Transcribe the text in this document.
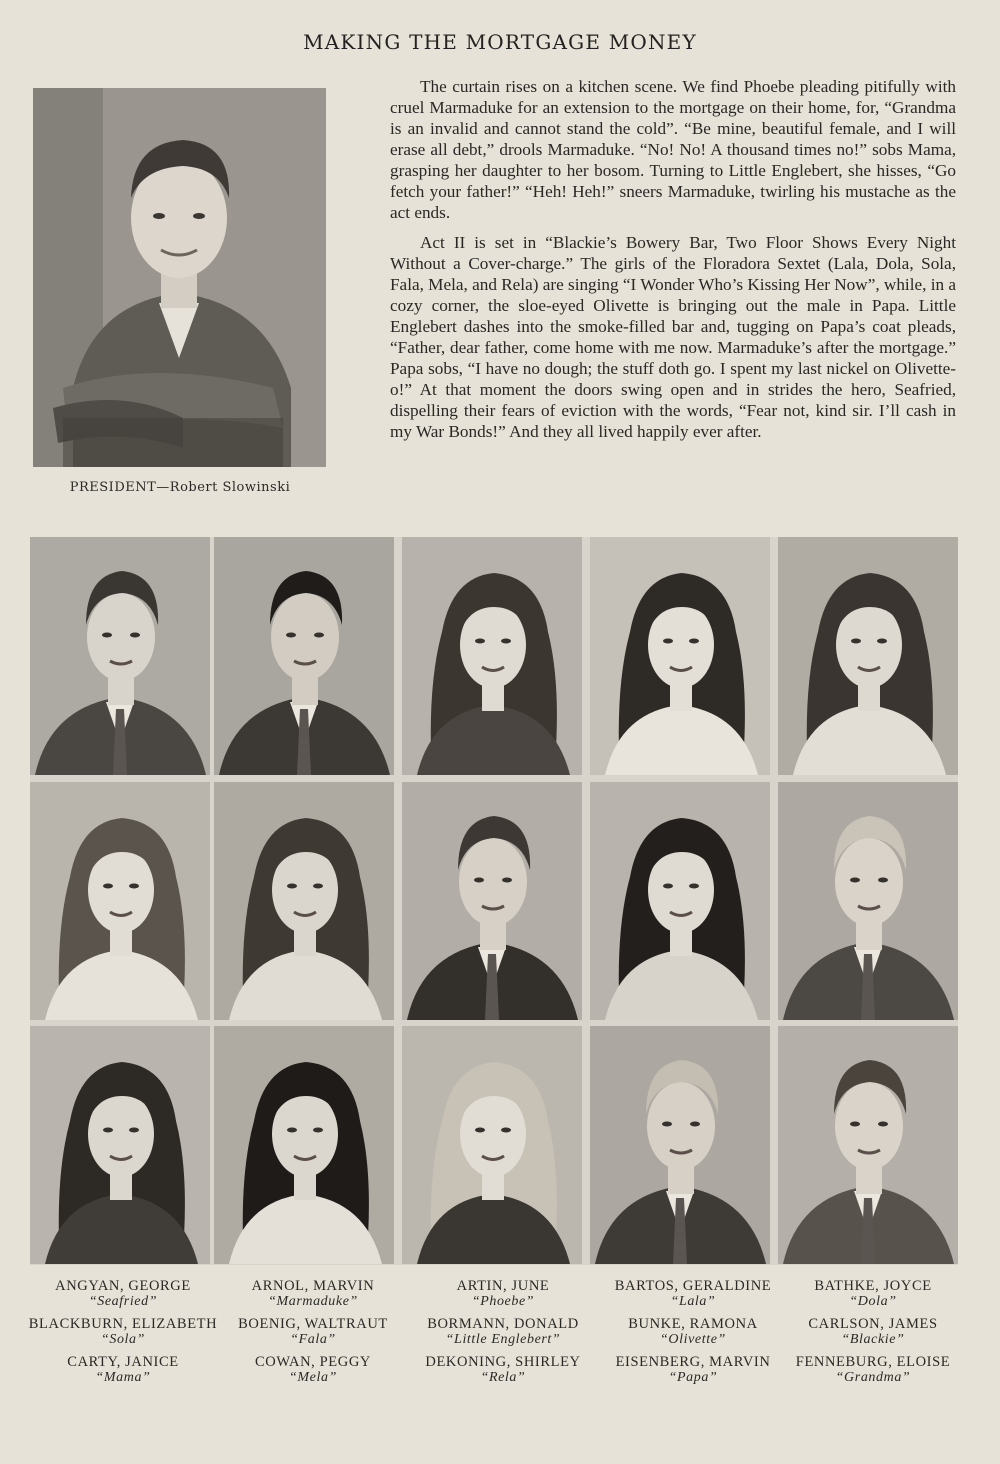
MAKING THE MORTGAGE MONEY
PRESIDENT—Robert Slowinski

The curtain rises on a kitchen scene. We find Phoebe pleading pitifully with cruel Marmaduke for an extension to the mortgage on their home, for, “Grandma is an invalid and cannot stand the cold”. “Be mine, beautiful female, and I will erase all debt,” drools Marmaduke. “No! No! A thousand times no!” sobs Mama, grasping her daughter to her bosom. Turning to Little Englebert, she hisses, “Go fetch your father!” “Heh! Heh!” sneers Marmaduke, twirling his mustache as the act ends.

Act II is set in “Blackie’s Bowery Bar, Two Floor Shows Every Night Without a Cover-charge.” The girls of the Floradora Sextet (Lala, Dola, Sola, Fala, Mela, and Rela) are singing “I Wonder Who’s Kissing Her Now”, while, in a cozy corner, the sloe-eyed Olivette is bringing out the male in Papa. Little Englebert dashes into the smoke-filled bar and, tugging on Papa’s coat pleads, “Father, dear father, come home with me now. Marmaduke’s after the mortgage.” Papa sobs, “I have no dough; the stuff doth go. I spent my last nickel on Olivette-o!” At that moment the doors swing open and in strides the hero, Seafried, dispelling their fears of eviction with the words, “Fear not, kind sir. I’ll cash in my War Bonds!” And they all lived happily ever after.

ANGYAN, GEORGE
“Seafried”
BLACKBURN, ELIZABETH
“Sola”
CARTY, JANICE
“Mama”
ARNOL, MARVIN
“Marmaduke”
BOENIG, WALTRAUT
“Fala”
COWAN, PEGGY
“Mela”
ARTIN, JUNE
“Phoebe”
BORMANN, DONALD
“Little Englebert”
DEKONING, SHIRLEY
“Rela”
BARTOS, GERALDINE
“Lala”
BUNKE, RAMONA
“Olivette”
EISENBERG, MARVIN
“Papa”
BATHKE, JOYCE
“Dola”
CARLSON, JAMES
“Blackie”
FENNEBURG, ELOISE
“Grandma”
